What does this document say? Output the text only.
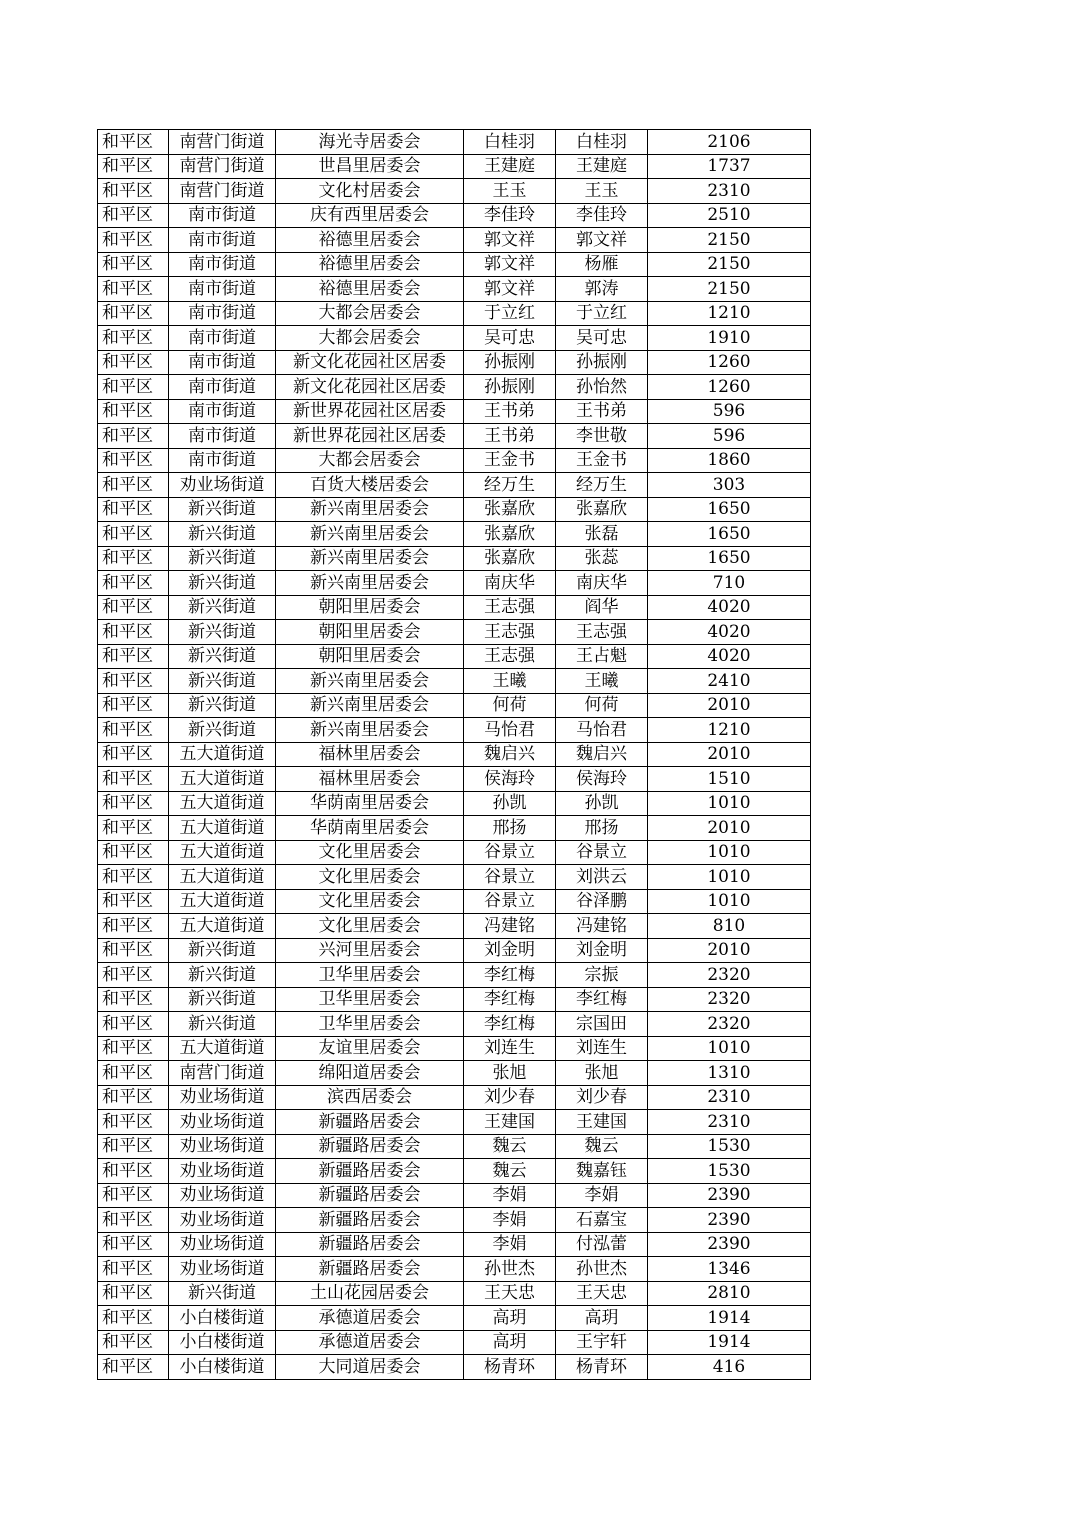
和平区	南营门街道	海光寺居委会	白桂羽	白桂羽	2106
和平区	南营门街道	世昌里居委会	王建庭	王建庭	1737
和平区	南营门街道	文化村居委会	王玉	王玉	2310
和平区	南市街道	庆有西里居委会	李佳玲	李佳玲	2510
和平区	南市街道	裕德里居委会	郭文祥	郭文祥	2150
和平区	南市街道	裕德里居委会	郭文祥	杨雁	2150
和平区	南市街道	裕德里居委会	郭文祥	郭涛	2150
和平区	南市街道	大都会居委会	于立红	于立红	1210
和平区	南市街道	大都会居委会	吴可忠	吴可忠	1910
和平区	南市街道	新文化花园社区居委	孙振刚	孙振刚	1260
和平区	南市街道	新文化花园社区居委	孙振刚	孙怡然	1260
和平区	南市街道	新世界花园社区居委	王书弟	王书弟	596
和平区	南市街道	新世界花园社区居委	王书弟	李世敬	596
和平区	南市街道	大都会居委会	王金书	王金书	1860
和平区	劝业场街道	百货大楼居委会	经万生	经万生	303
和平区	新兴街道	新兴南里居委会	张嘉欣	张嘉欣	1650
和平区	新兴街道	新兴南里居委会	张嘉欣	张磊	1650
和平区	新兴街道	新兴南里居委会	张嘉欣	张蕊	1650
和平区	新兴街道	新兴南里居委会	南庆华	南庆华	710
和平区	新兴街道	朝阳里居委会	王志强	阎华	4020
和平区	新兴街道	朝阳里居委会	王志强	王志强	4020
和平区	新兴街道	朝阳里居委会	王志强	王占魁	4020
和平区	新兴街道	新兴南里居委会	王曦	王曦	2410
和平区	新兴街道	新兴南里居委会	何荷	何荷	2010
和平区	新兴街道	新兴南里居委会	马怡君	马怡君	1210
和平区	五大道街道	福林里居委会	魏启兴	魏启兴	2010
和平区	五大道街道	福林里居委会	侯海玲	侯海玲	1510
和平区	五大道街道	华荫南里居委会	孙凯	孙凯	1010
和平区	五大道街道	华荫南里居委会	邢扬	邢扬	2010
和平区	五大道街道	文化里居委会	谷景立	谷景立	1010
和平区	五大道街道	文化里居委会	谷景立	刘洪云	1010
和平区	五大道街道	文化里居委会	谷景立	谷泽鹏	1010
和平区	五大道街道	文化里居委会	冯建铭	冯建铭	810
和平区	新兴街道	兴河里居委会	刘金明	刘金明	2010
和平区	新兴街道	卫华里居委会	李红梅	宗振	2320
和平区	新兴街道	卫华里居委会	李红梅	李红梅	2320
和平区	新兴街道	卫华里居委会	李红梅	宗国田	2320
和平区	五大道街道	友谊里居委会	刘连生	刘连生	1010
和平区	南营门街道	绵阳道居委会	张旭	张旭	1310
和平区	劝业场街道	滨西居委会	刘少春	刘少春	2310
和平区	劝业场街道	新疆路居委会	王建国	王建国	2310
和平区	劝业场街道	新疆路居委会	魏云	魏云	1530
和平区	劝业场街道	新疆路居委会	魏云	魏嘉钰	1530
和平区	劝业场街道	新疆路居委会	李娟	李娟	2390
和平区	劝业场街道	新疆路居委会	李娟	石嘉宝	2390
和平区	劝业场街道	新疆路居委会	李娟	付泓蕾	2390
和平区	劝业场街道	新疆路居委会	孙世杰	孙世杰	1346
和平区	新兴街道	土山花园居委会	王天忠	王天忠	2810
和平区	小白楼街道	承德道居委会	高玥	高玥	1914
和平区	小白楼街道	承德道居委会	高玥	王宇轩	1914
和平区	小白楼街道	大同道居委会	杨青环	杨青环	416
